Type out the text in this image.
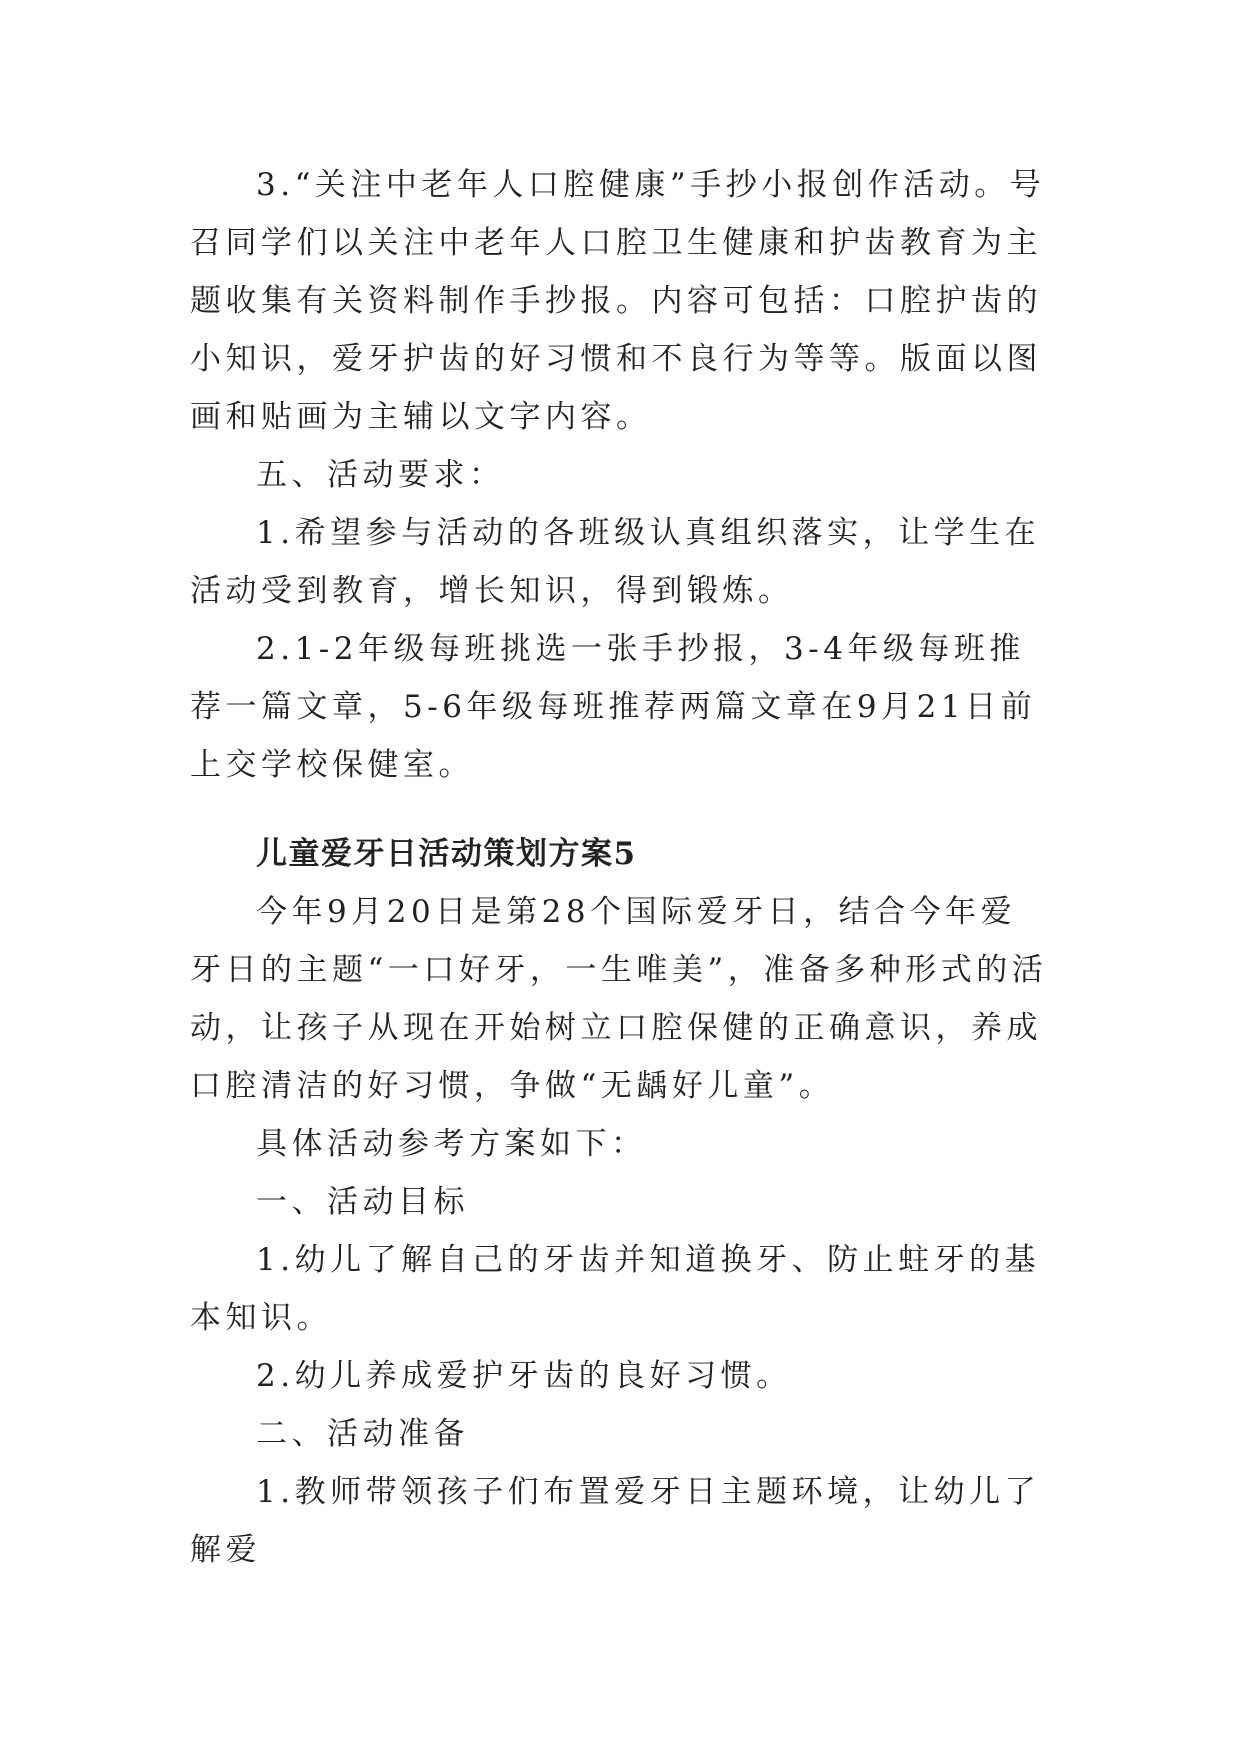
3.“关注中老年人口腔健康”手抄小报创作活动。号召同学们以关注中老年人口腔卫生健康和护齿教育为主题收集有关资料制作手抄报。内容可包括：口腔护齿的小知识，爱牙护齿的好习惯和不良行为等等。版面以图画和贴画为主辅以文字内容。

五、活动要求：

1.希望参与活动的各班级认真组织落实，让学生在活动受到教育，增长知识，得到锻炼。

2.1-2年级每班挑选一张手抄报，3-4年级每班推荐一篇文章，5-6年级每班推荐两篇文章在9月21日前上交学校保健室。

儿童爱牙日活动策划方案5

今年9月20日是第28个国际爱牙日，结合今年爱牙日的主题“一口好牙，一生唯美”，准备多种形式的活动，让孩子从现在开始树立口腔保健的正确意识，养成口腔清洁的好习惯，争做“无龋好儿童”。

具体活动参考方案如下：

一、活动目标

1.幼儿了解自己的牙齿并知道换牙、防止蛀牙的基本知识。

2.幼儿养成爱护牙齿的良好习惯。

二、活动准备

1.教师带领孩子们布置爱牙日主题环境，让幼儿了解爱
